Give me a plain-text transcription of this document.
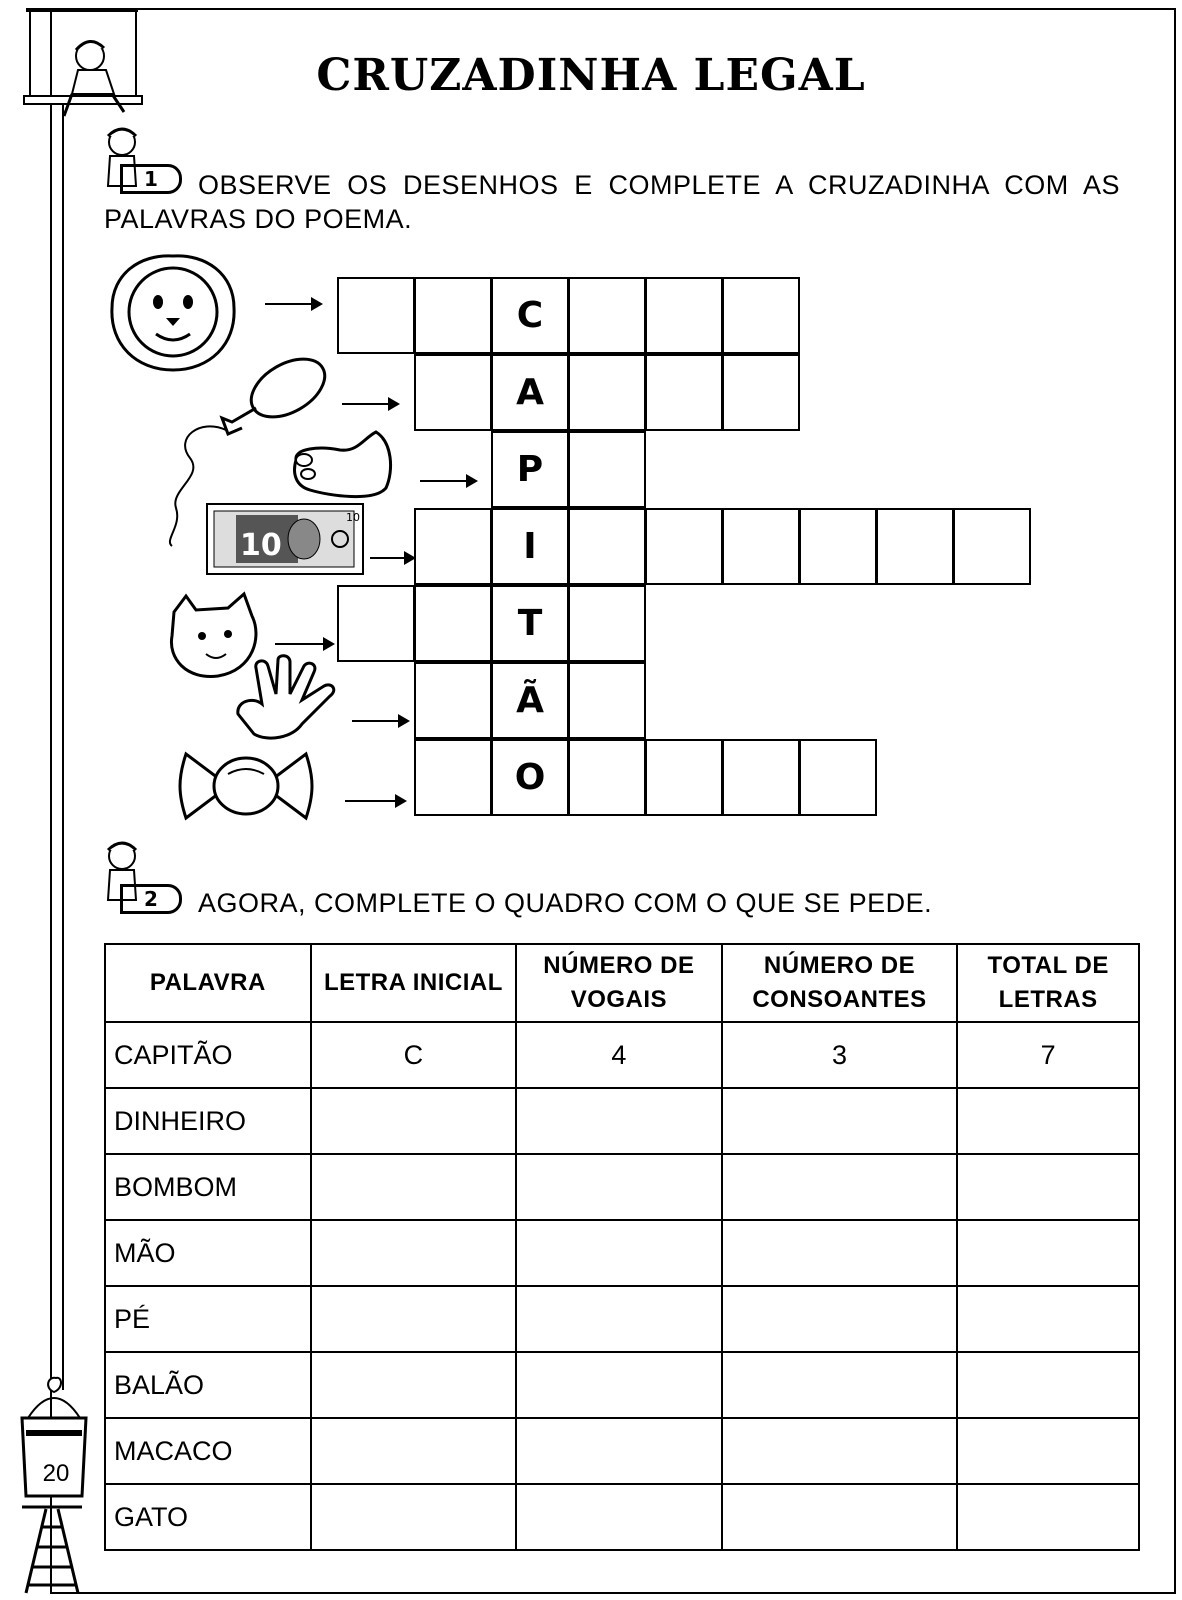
CRUZADINHA LEGAL
1	OBSERVE OS DESENHOS E COMPLETE A CRUZADINHA COM AS PALAVRAS DO POEMA.
C
A
P
I
T
Ã
O
10
10
2	AGORA, COMPLETE O QUADRO COM O QUE SE PEDE.
PALAVRA	LETRA INICIAL	NÚMERO DE VOGAIS	NÚMERO DE CONSOANTES	TOTAL DE LETRAS
CAPITÃO	C	4	3	7
DINHEIRO				
BOMBOM				
MÃO				
PÉ				
BALÃO				
MACACO				
GATO				
20
